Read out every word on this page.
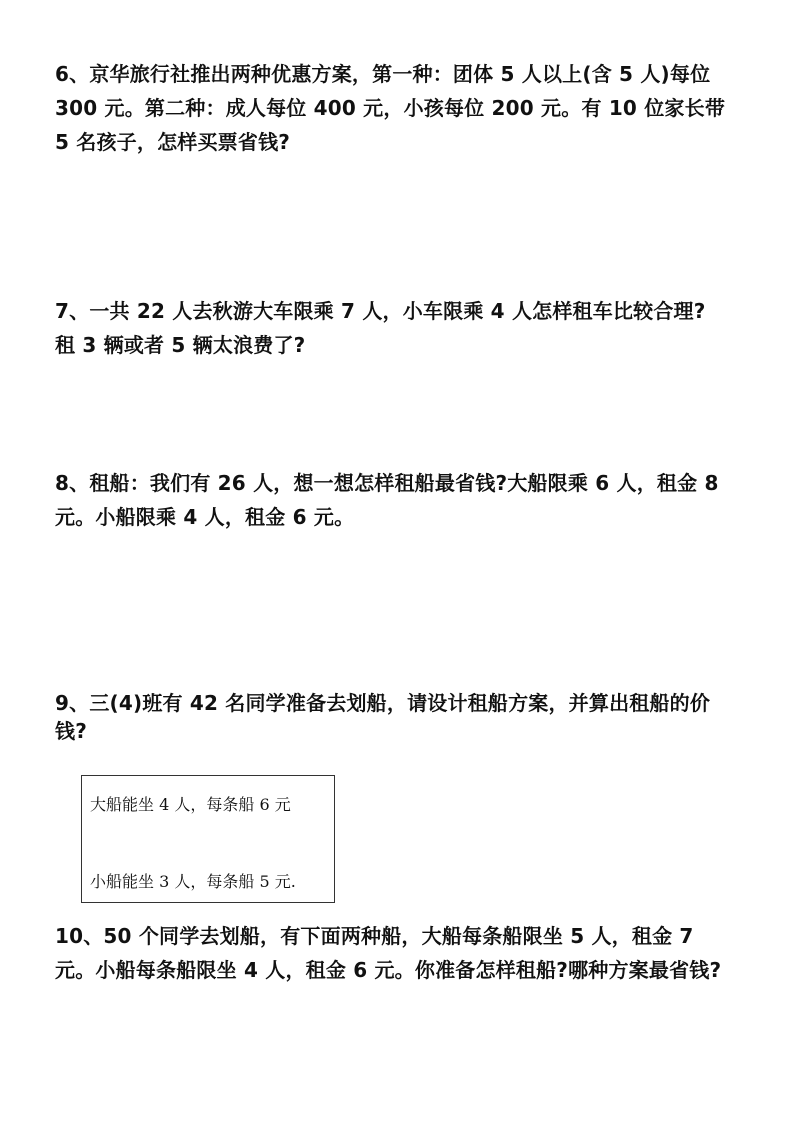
6、京华旅行社推出两种优惠方案，第一种：团体 5 人以上(含 5 人)每位
300 元。第二种：成人每位 400 元，小孩每位 200 元。有 10 位家长带
5 名孩子，怎样买票省钱?
7、一共 22 人去秋游大车限乘 7 人，小车限乘 4 人怎样租车比较合理?
租 3 辆或者 5 辆太浪费了?
8、租船：我们有 26 人，想一想怎样租船最省钱?大船限乘 6 人，租金 8
元。小船限乘 4 人，租金 6 元。
9、三(4)班有 42 名同学准备去划船，请设计租船方案，并算出租船的价
钱?
大船能坐 4 人，每条船 6 元
小船能坐 3 人，每条船 5 元.
10、50 个同学去划船，有下面两种船，大船每条船限坐 5 人，租金 7
元。小船每条船限坐 4 人，租金 6 元。你准备怎样租船?哪种方案最省钱?
